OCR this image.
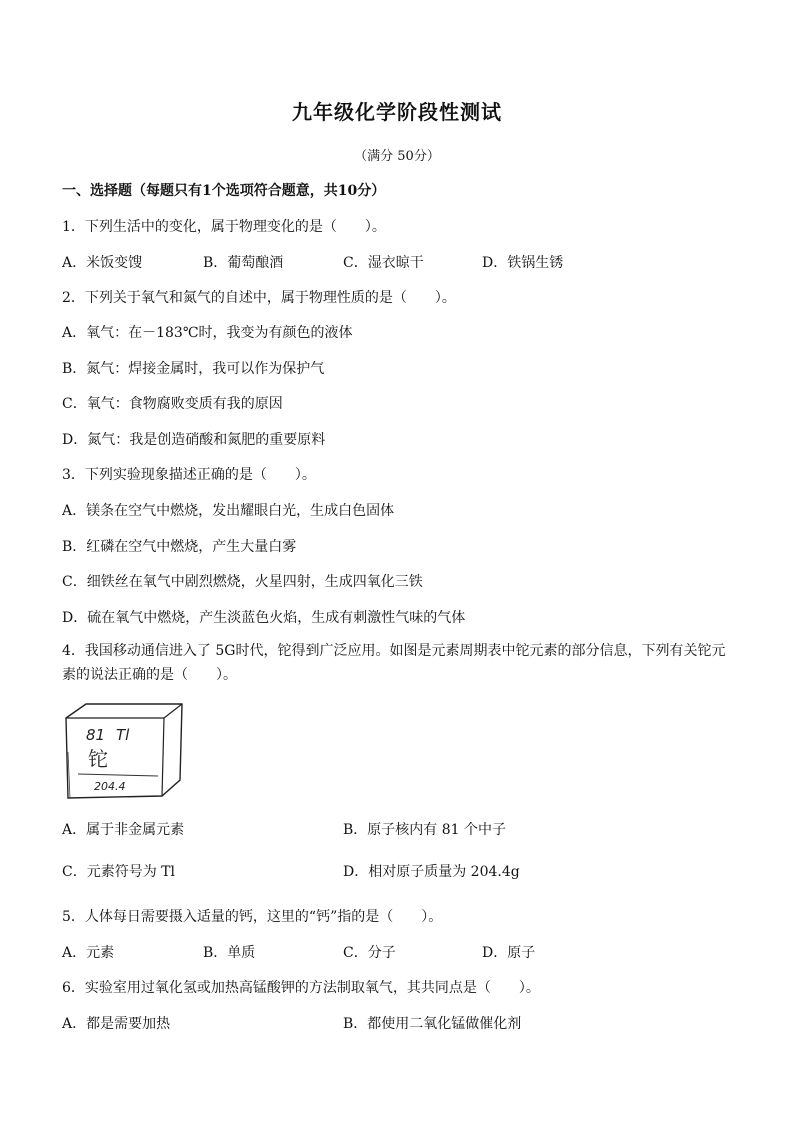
九年级化学阶段性测试
（满分 50分）
一、选择题（每题只有1个选项符合题意，共10分）
1．下列生活中的变化，属于物理变化的是（　　）。
A．米饭变馊	B．葡萄酿酒	C．湿衣晾干	D．铁锅生锈
2．下列关于氧气和氮气的自述中，属于物理性质的是（　　）。
A．氧气：在－183℃时，我变为有颜色的液体
B．氮气：焊接金属时，我可以作为保护气
C．氧气：食物腐败变质有我的原因
D．氮气：我是创造硝酸和氮肥的重要原料
3．下列实验现象描述正确的是（　　）。
A．镁条在空气中燃烧，发出耀眼白光，生成白色固体
B．红磷在空气中燃烧，产生大量白雾
C．细铁丝在氧气中剧烈燃烧，火星四射，生成四氧化三铁
D．硫在氧气中燃烧，产生淡蓝色火焰，生成有刺激性气味的气体
4．我国移动通信进入了 5G时代，铊得到广泛应用。如图是元素周期表中铊元素的部分信息，下列有关铊元素的说法正确的是（　　）。
81 Tl
铊
204.4
A．属于非金属元素	B．原子核内有 81 个中子
C．元素符号为 Tl	D．相对原子质量为 204.4g
5．人体每日需要摄入适量的钙，这里的“钙”指的是（　　）。
A．元素	B．单质	C．分子	D．原子
6．实验室用过氧化氢或加热高锰酸钾的方法制取氧气，其共同点是（　　）。
A．都是需要加热	B．都使用二氧化锰做催化剂
